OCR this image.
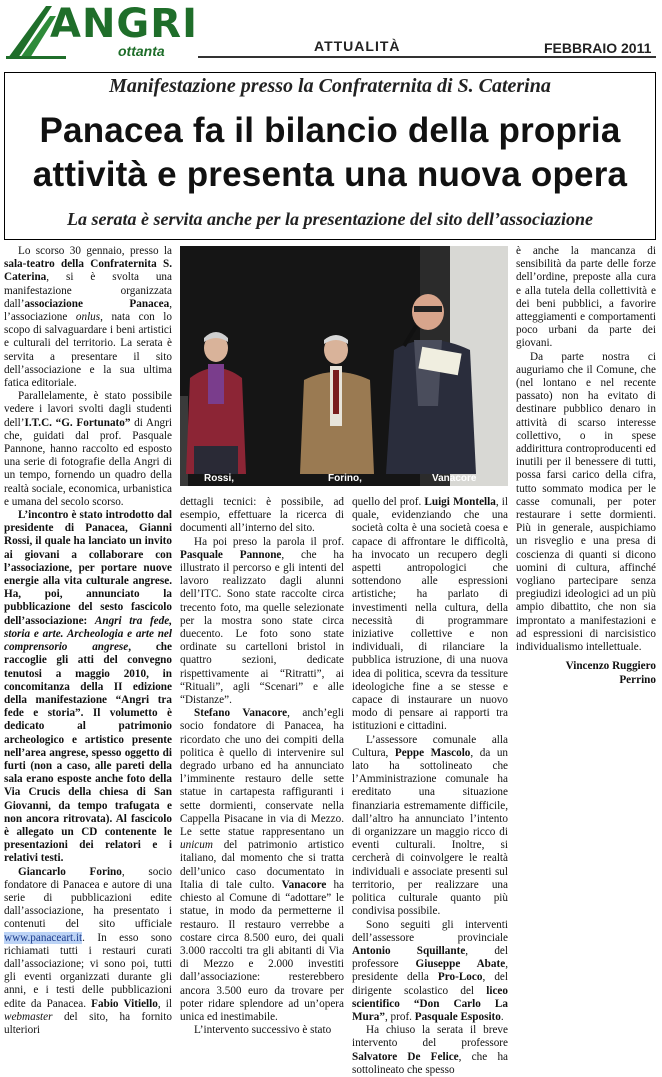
ANGRI
ottanta	ATTUALITÀ	FEBBRAIO 2011
Manifestazione presso la Confraternita di S. Caterina
Panacea fa il bilancio della propria
attività e presenta una nuova opera
La serata è servita anche per la presentazione del sito dell’associazione

Lo scorso 30 gennaio, presso la sala-teatro della Confraternita S. Caterina, si è svolta una manifestazione organizzata dall’associazione Panacea, l’associazione onlus, nata con lo scopo di salvaguardare i beni artistici e culturali del territorio. La serata è servita a presentare il sito dell’associazione e la sua ultima fatica editoriale.

Parallelamente, è stato possibile vedere i lavori svolti dagli studenti dell’I.T.C. “G. Fortunato” di Angri che, guidati dal prof. Pasquale Pannone, hanno raccolto ed esposto una serie di fotografie della Angri di un tempo, fornendo un quadro della realtà sociale, economica, urbanistica e umana del secolo scorso.

L’incontro è stato introdotto dal presidente di Panacea, Gianni Rossi, il quale ha lanciato un invito ai giovani a collaborare con l’associazione, per portare nuove energie alla vita culturale angrese. Ha, poi, annunciato la pubblicazione del sesto fascicolo dell’associazione: Angri tra fede, storia e arte. Archeologia e arte nel comprensorio angrese, che raccoglie gli atti del convegno tenutosi a maggio 2010, in concomitanza della II edizione della manifestazione “Angri tra fede e storia”. Il volumetto è dedicato al patrimonio archeologico e artistico presente nell’area angrese, spesso oggetto di furti (non a caso, alle pareti della sala erano esposte anche foto della Via Crucis della chiesa di San Giovanni, da tempo trafugata e non ancora ritrovata). Al fascicolo è allegato un CD contenente le presentazioni dei relatori e i relativi testi.

Giancarlo Forino, socio fondatore di Panacea e autore di una serie di pubblicazioni edite dall’associazione, ha presentato i contenuti del sito ufficiale www.panaceart.it. In esso sono richiamati tutti i restauri curati dall’associazione; vi sono poi, tutti gli eventi organizzati durante gli anni, e i testi delle pubblicazioni edite da Panacea. Fabio Vitiello, il webmaster del sito, ha fornito ulteriori

Rossi,	Forino,	Vanacore

dettagli tecnici: è possibile, ad esempio, effettuare la ricerca di documenti all’interno del sito.

Ha poi preso la parola il prof. Pasquale Pannone, che ha illustrato il percorso e gli intenti del lavoro realizzato dagli alunni dell’ITC. Sono state raccolte circa trecento foto, ma quelle selezionate per la mostra sono state circa duecento. Le foto sono state ordinate su cartelloni bristol in quattro sezioni, dedicate rispettivamente ai “Ritratti”, ai “Rituali”, agli “Scenari” e alle “Distanze”.

Stefano Vanacore, anch’egli socio fondatore di Panacea, ha ricordato che uno dei compiti della politica è quello di intervenire sul degrado urbano ed ha annunciato l’imminente restauro delle sette statue in cartapesta raffiguranti i sette dormienti, conservate nella Cappella Pisacane in via di Mezzo. Le sette statue rappresentano un unicum del patrimonio artistico italiano, dal momento che si tratta dell’unico caso documentato in Italia di tale culto. Vanacore ha chiesto al Comune di “adottare” le statue, in modo da permetterne il restauro. Il restauro verrebbe a costare circa 8.500 euro, dei quali 3.000 raccolti tra gli abitanti di Via di Mezzo e 2.000 investiti dall’associazione: resterebbero ancora 3.500 euro da trovare per poter ridare splendore ad un’opera unica ed inestimabile.

L’intervento successivo è stato

quello del prof. Luigi Montella, il quale, evidenziando che una società colta è una società coesa e capace di affrontare le difficoltà, ha invocato un recupero degli aspetti antropologici che sottendono alle espressioni artistiche; ha parlato di investimenti nella cultura, della necessità di programmare iniziative collettive e non individuali, di rilanciare la pubblica istruzione, di una nuova idea di politica, scevra da tessiture ideologiche fine a se stesse e capace di instaurare un nuovo modo di pensare ai rapporti tra istituzioni e cittadini.

L’assessore comunale alla Cultura, Peppe Mascolo, da un lato ha sottolineato che l’Amministrazione comunale ha ereditato una situazione finanziaria estremamente difficile, dall’altro ha annunciato l’intento di organizzare un maggio ricco di eventi culturali. Inoltre, si cercherà di coinvolgere le realtà individuali e associate presenti sul territorio, per realizzare una politica culturale quanto più condivisa possibile.

Sono seguiti gli interventi dell’assessore provinciale Antonio Squillante, del professore Giuseppe Abate, presidente della Pro-Loco, del dirigente scolastico del liceo scientifico “Don Carlo La Mura”, prof. Pasquale Esposito.

Ha chiuso la serata il breve intervento del professore Salvatore De Felice, che ha sottolineato che spesso

è anche la mancanza di sensibilità da parte delle forze dell’ordine, preposte alla cura e alla tutela della collettività e dei beni pubblici, a favorire atteggiamenti e comportamenti poco urbani da parte dei giovani.

Da parte nostra ci auguriamo che il Comune, che (nel lontano e nel recente passato) non ha evitato di destinare pubblico denaro in attività di scarso interesse collettivo, o in spese addirittura controproducenti ed inutili per il benessere di tutti, possa farsi carico della cifra, tutto sommato modica per le casse comunali, per poter restaurare i sette dormienti. Più in generale, auspichiamo un risveglio e una presa di coscienza di quanti si dicono uomini di cultura, affinché vogliano partecipare senza pregiudizi ideologici ad un più ampio dibattito, che non sia improntato a manifestazioni e ad espressioni di narcisistico individualismo intellettuale.

Vincenzo Ruggiero
Perrino
